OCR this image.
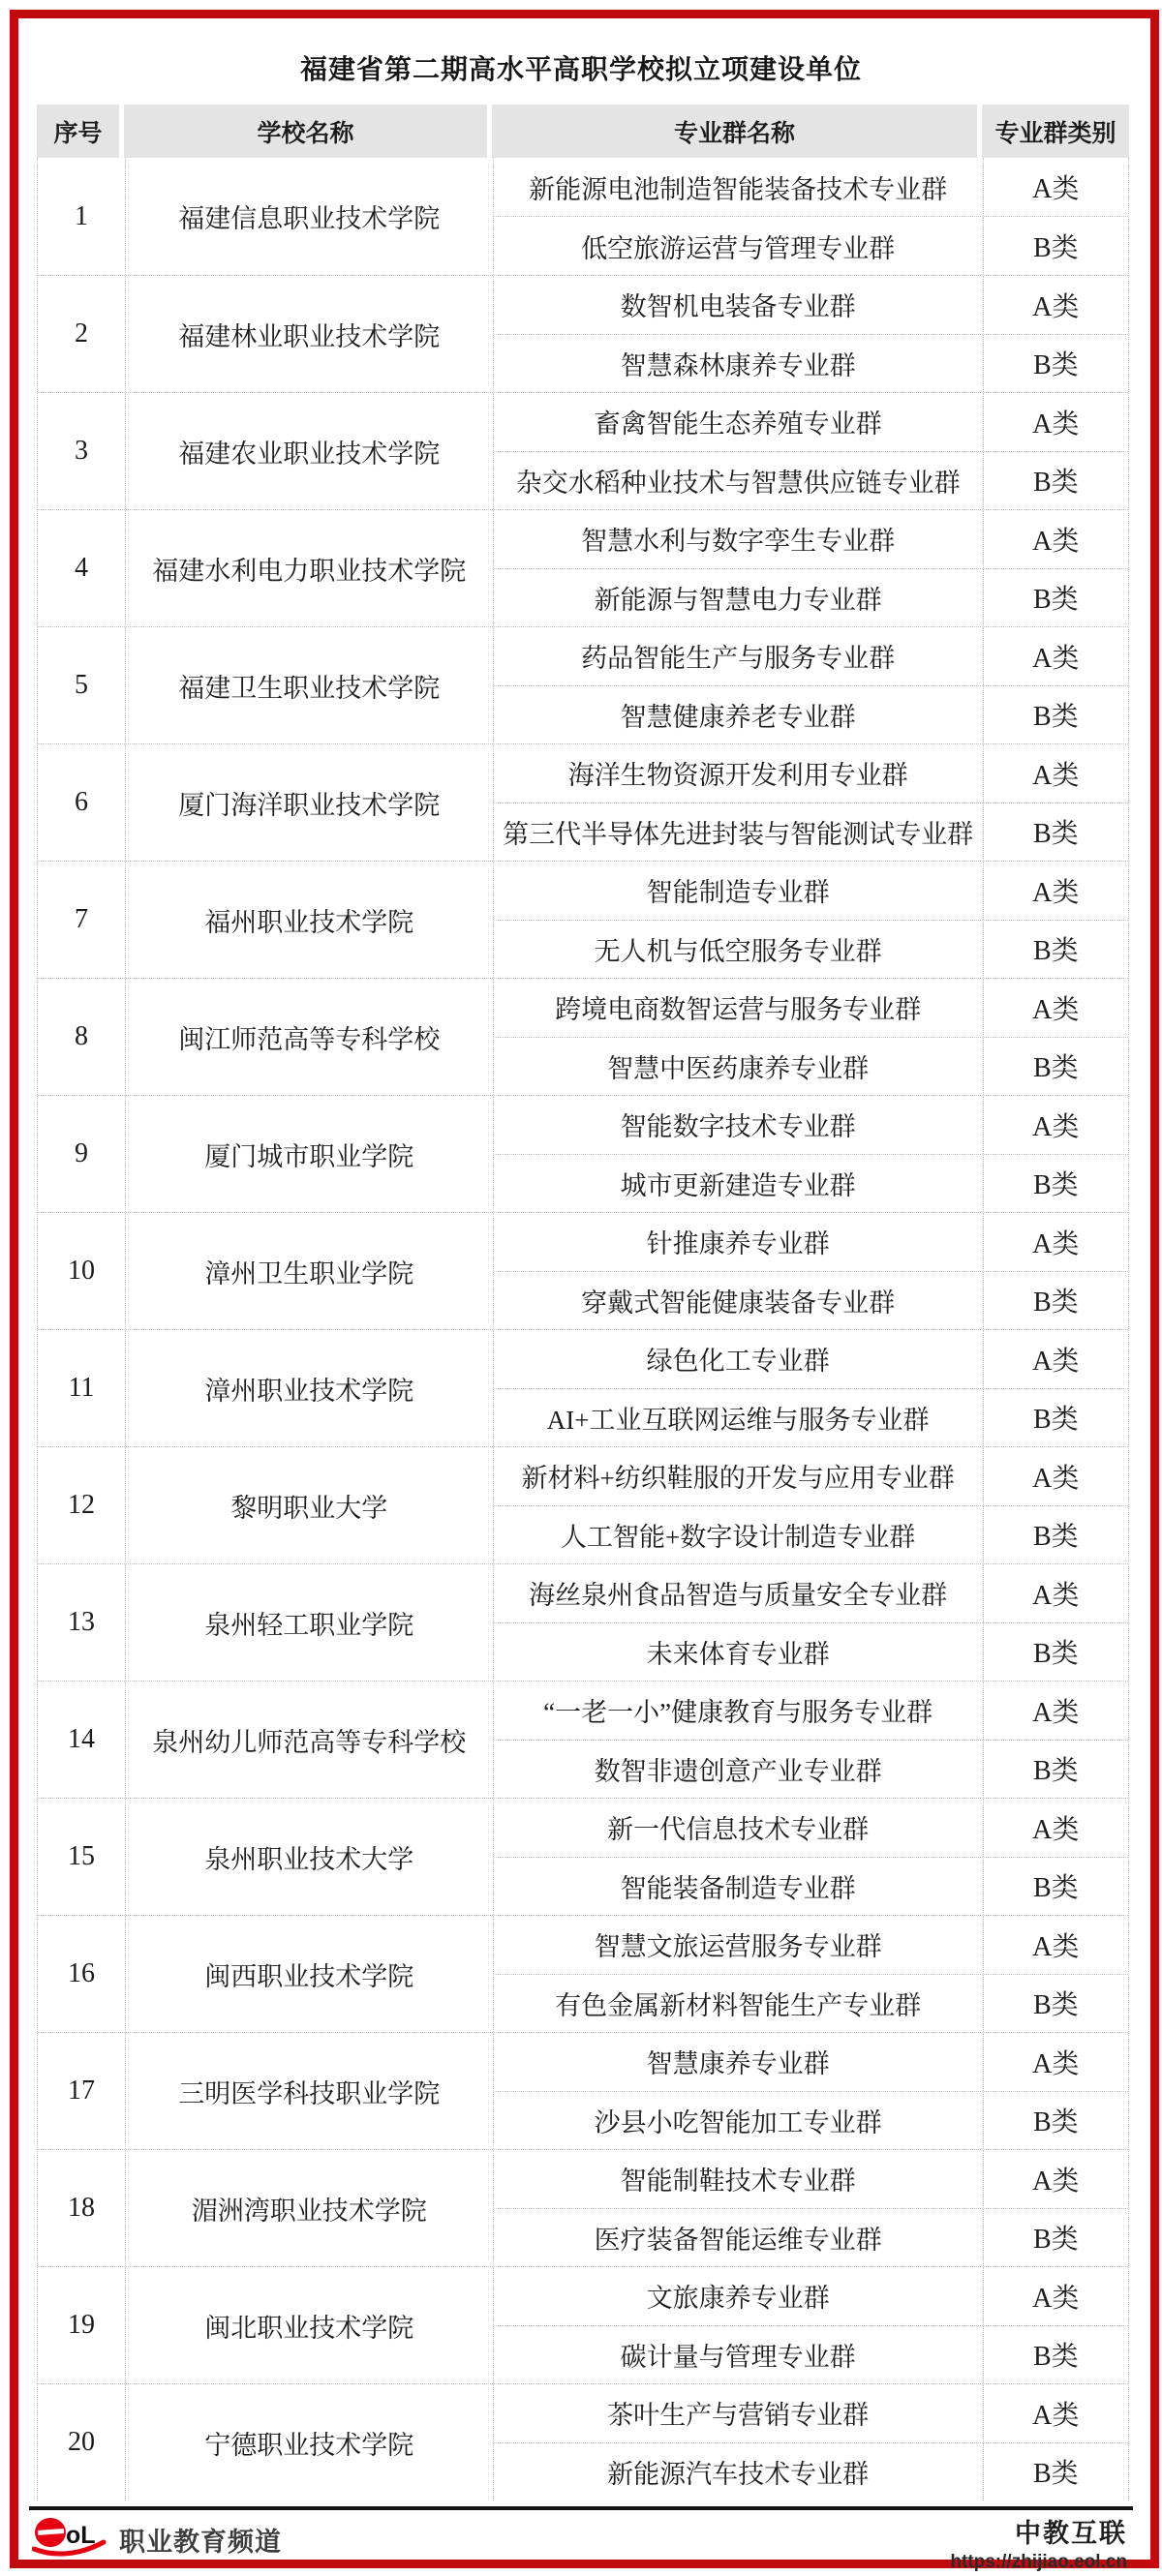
福建省第二期高水平高职学校拟立项建设单位
序号	学校名称	专业群名称	专业群类别
1	福建信息职业技术学院
新能源电池制造智能装备技术专业群	A类
低空旅游运营与管理专业群	B类
2	福建林业职业技术学院
数智机电装备专业群	A类
智慧森林康养专业群	B类
3	福建农业职业技术学院
畜禽智能生态养殖专业群	A类
杂交水稻种业技术与智慧供应链专业群	B类
4	福建水利电力职业技术学院
智慧水利与数字孪生专业群	A类
新能源与智慧电力专业群	B类
5	福建卫生职业技术学院
药品智能生产与服务专业群	A类
智慧健康养老专业群	B类
6	厦门海洋职业技术学院
海洋生物资源开发利用专业群	A类
第三代半导体先进封装与智能测试专业群	B类
7	福州职业技术学院
智能制造专业群	A类
无人机与低空服务专业群	B类
8	闽江师范高等专科学校
跨境电商数智运营与服务专业群	A类
智慧中医药康养专业群	B类
9	厦门城市职业学院
智能数字技术专业群	A类
城市更新建造专业群	B类
10	漳州卫生职业学院
针推康养专业群	A类
穿戴式智能健康装备专业群	B类
11	漳州职业技术学院
绿色化工专业群	A类
AI+工业互联网运维与服务专业群	B类
12	黎明职业大学
新材料+纺织鞋服的开发与应用专业群	A类
人工智能+数字设计制造专业群	B类
13	泉州轻工职业学院
海丝泉州食品智造与质量安全专业群	A类
未来体育专业群	B类
14	泉州幼儿师范高等专科学校
“一老一小”健康教育与服务专业群	A类
数智非遗创意产业专业群	B类
15	泉州职业技术大学
新一代信息技术专业群	A类
智能装备制造专业群	B类
16	闽西职业技术学院
智慧文旅运营服务专业群	A类
有色金属新材料智能生产专业群	B类
17	三明医学科技职业学院
智慧康养专业群	A类
沙县小吃智能加工专业群	B类
18	湄洲湾职业技术学院
智能制鞋技术专业群	A类
医疗装备智能运维专业群	B类
19	闽北职业技术学院
文旅康养专业群	A类
碳计量与管理专业群	B类
20	宁德职业技术学院
茶叶生产与营销专业群	A类
新能源汽车技术专业群	B类
oL 职业教育频道	中教互联
https://zhijiao.eol.cn
